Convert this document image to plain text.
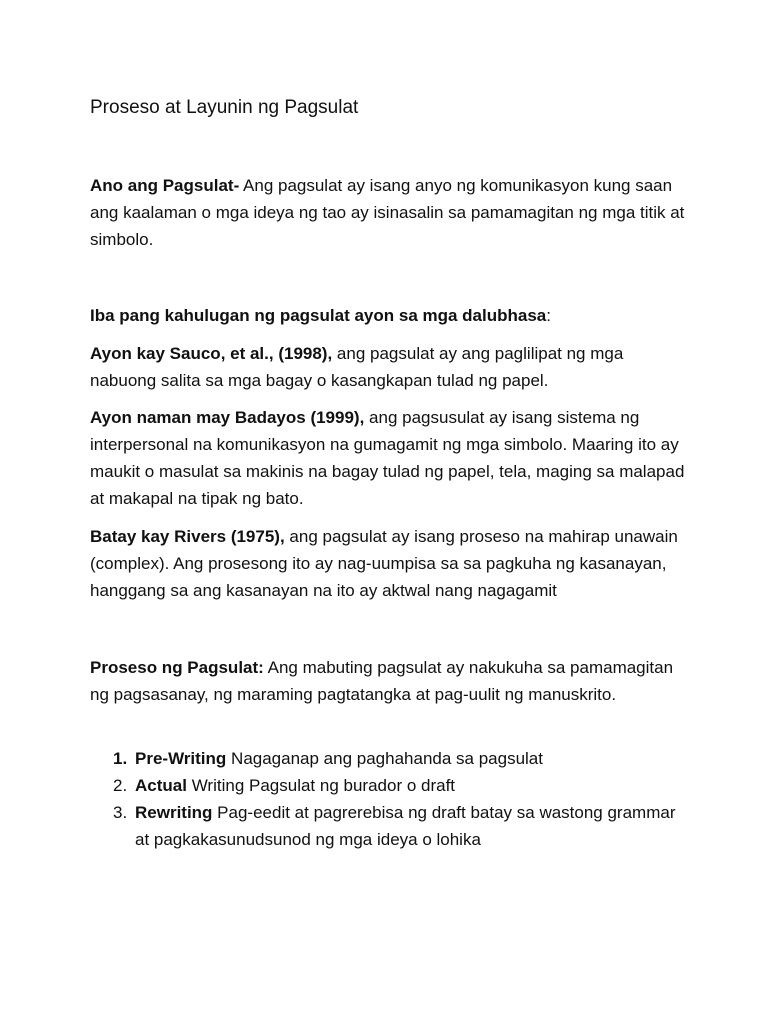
Proseso at Layunin ng Pagsulat

Ano ang Pagsulat- Ang pagsulat ay isang anyo ng komunikasyon kung saan ang kaalaman o mga ideya ng tao ay isinasalin sa pamamagitan ng mga titik at simbolo.

Iba pang kahulugan ng pagsulat ayon sa mga dalubhasa:

Ayon kay Sauco, et al., (1998), ang pagsulat ay ang paglilipat ng mga nabuong salita sa mga bagay o kasangkapan tulad ng papel.

Ayon naman may Badayos (1999), ang pagsusulat ay isang sistema ng interpersonal na komunikasyon na gumagamit ng mga simbolo. Maaring ito ay maukit o masulat sa makinis na bagay tulad ng papel, tela, maging sa malapad at makapal na tipak ng bato.

Batay kay Rivers (1975), ang pagsulat ay isang proseso na mahirap unawain (complex). Ang prosesong ito ay nag-uumpisa sa sa pagkuha ng kasanayan, hanggang sa ang kasanayan na ito ay aktwal nang nagagamit

Proseso ng Pagsulat: Ang mabuting pagsulat ay nakukuha sa pamamagitan ng pagsasanay, ng maraming pagtatangka at pag-uulit ng manuskrito.

1. Pre-Writing Nagaganap ang paghahanda sa pagsulat
2. Actual Writing Pagsulat ng burador o draft
3. Rewriting Pag-eedit at pagrerebisa ng draft batay sa wastong grammar at pagkakasunudsunod ng mga ideya o lohika
